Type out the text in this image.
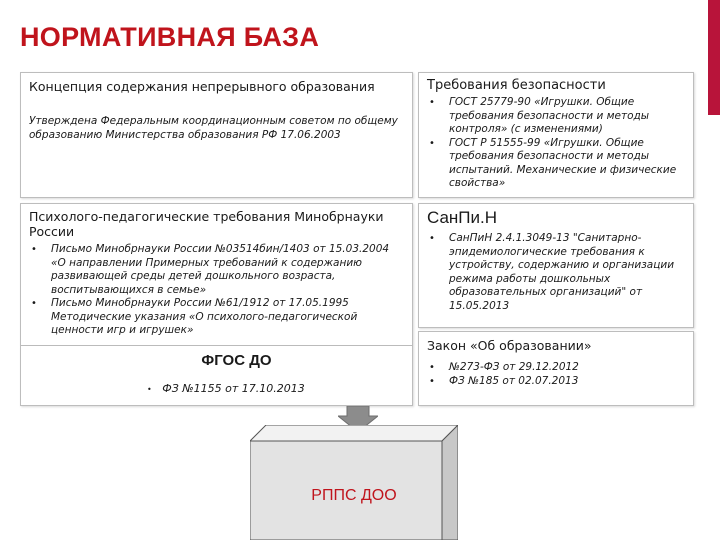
НОРМАТИВНАЯ БАЗА
Концепция содержания непрерывного образования
Утверждена Федеральным координационным советом по общему образованию Министерства образования РФ 17.06.2003
Требования безопасности
• ГОСТ 25779-90 «Игрушки. Общие требования безопасности и методы контроля» (с изменениями)
• ГОСТ Р 51555-99 «Игрушки. Общие требования безопасности и методы испытаний. Механические и физические свойства»
Психолого-педагогические требования Минобрнауки России
• Письмо Минобрнауки России №03514бин/1403 от 15.03.2004 «О направлении Примерных требований к содержанию развивающей среды детей дошкольного возраста, воспитывающихся в семье»
• Письмо Минобрнауки России №61/1912 от 17.05.1995 Методические указания «О психолого-педагогической ценности игр и игрушек»
ФГОС ДО
• ФЗ №1155 от 17.10.2013
СанПи.Н
• СанПиН 2.4.1.3049-13 "Санитарно-эпидемиологические требования к устройству, содержанию и организации режима работы дошкольных образовательных организаций" от 15.05.2013
Закон «Об образовании»
• №273-ФЗ от 29.12.2012
• ФЗ №185 от 02.07.2013
РППС ДОО
